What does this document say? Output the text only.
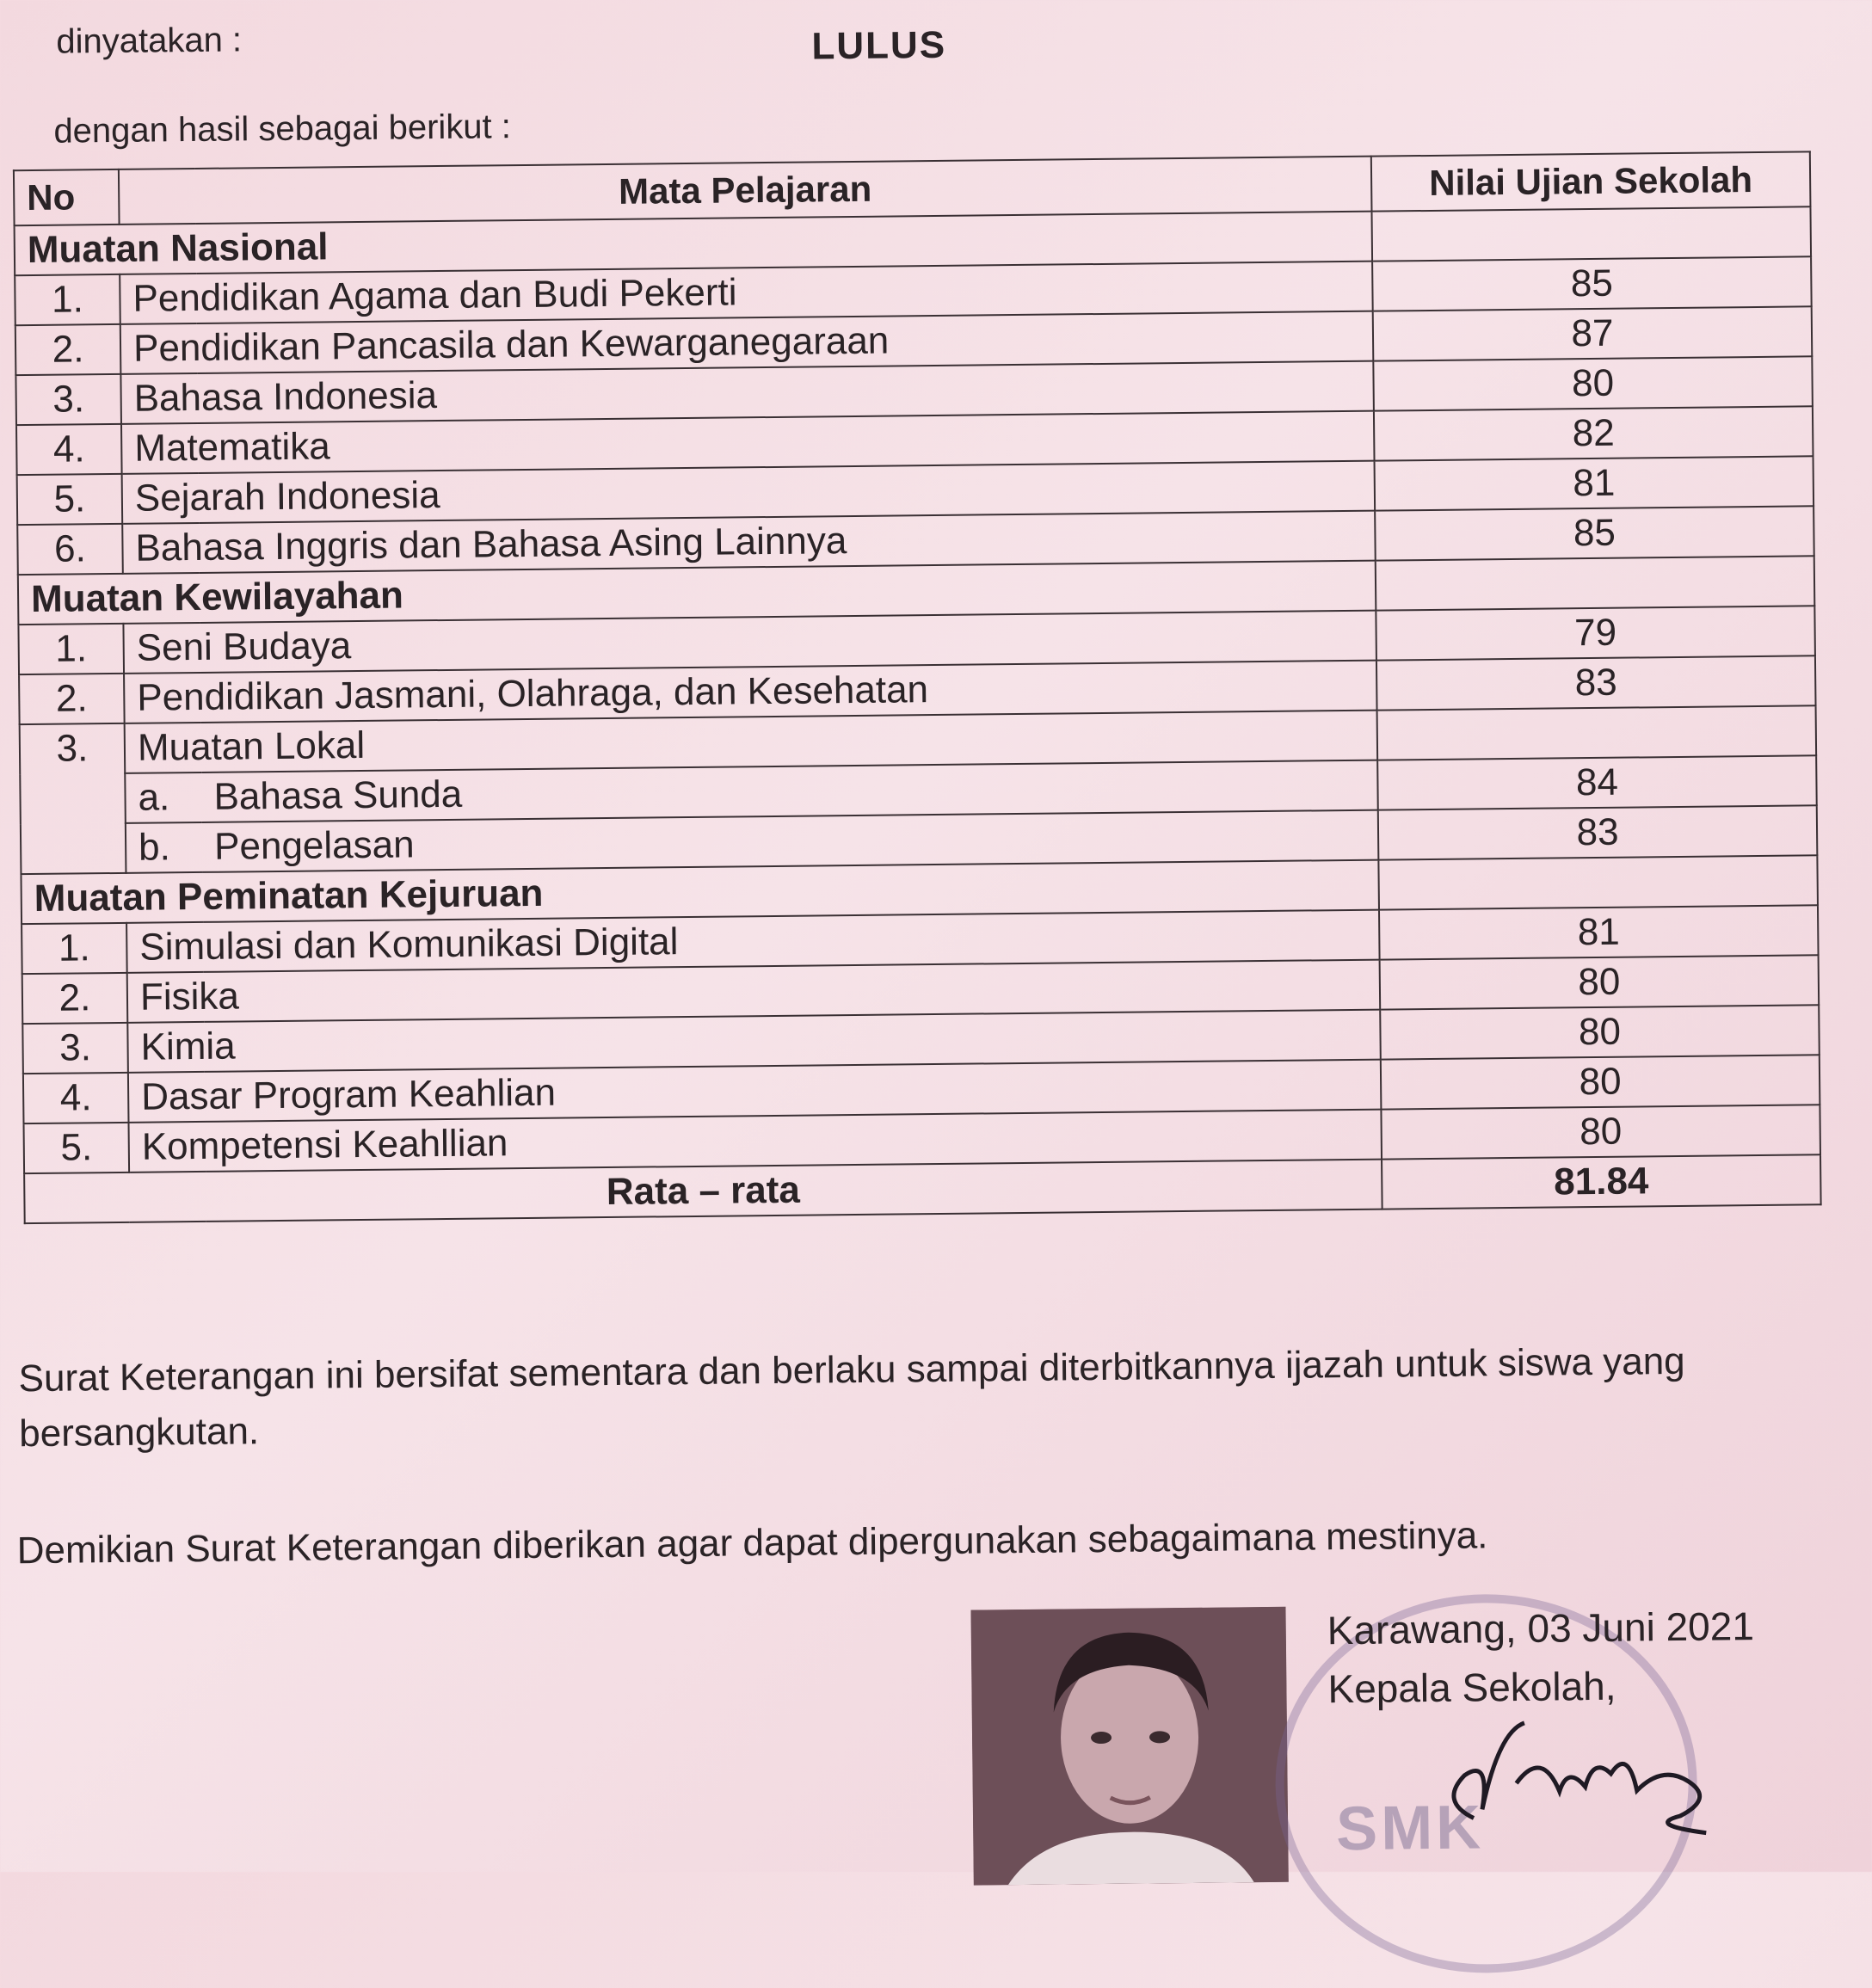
dinyatakan :	LULUS
dengan hasil sebagai berikut :
No	Mata Pelajaran		Nilai Ujian Sekolah
Muatan Nasional			
1.	Pendidikan Agama dan Budi Pekerti		85
2.	Pendidikan Pancasila dan Kewarganegaraan		87
3.	Bahasa Indonesia		80
4.	Matematika		82
5.	Sejarah Indonesia		81
6.	Bahasa Inggris dan Bahasa Asing Lainnya		85
Muatan Kewilayahan			
1.	Seni Budaya		79
2.	Pendidikan Jasmani, Olahraga, dan Kesehatan		83
3.	Muatan Lokal		
	a.	Bahasa Sunda	84
	b.	Pengelasan	83
Muatan Peminatan Kejuruan			
1.	Simulasi dan Komunikasi Digital		81
2.	Fisika		80
3.	Kimia		80
4.	Dasar Program Keahlian		80
5.	Kompetensi Keahllian		80
Rata – rata			81.84
Surat Keterangan ini bersifat sementara dan berlaku sampai diterbitkannya ijazah untuk siswa yang bersangkutan.
Demikian Surat Keterangan diberikan agar dapat dipergunakan sebagaimana mestinya.
SMK
Karawang, 03 Juni 2021
Kepala Sekolah,
